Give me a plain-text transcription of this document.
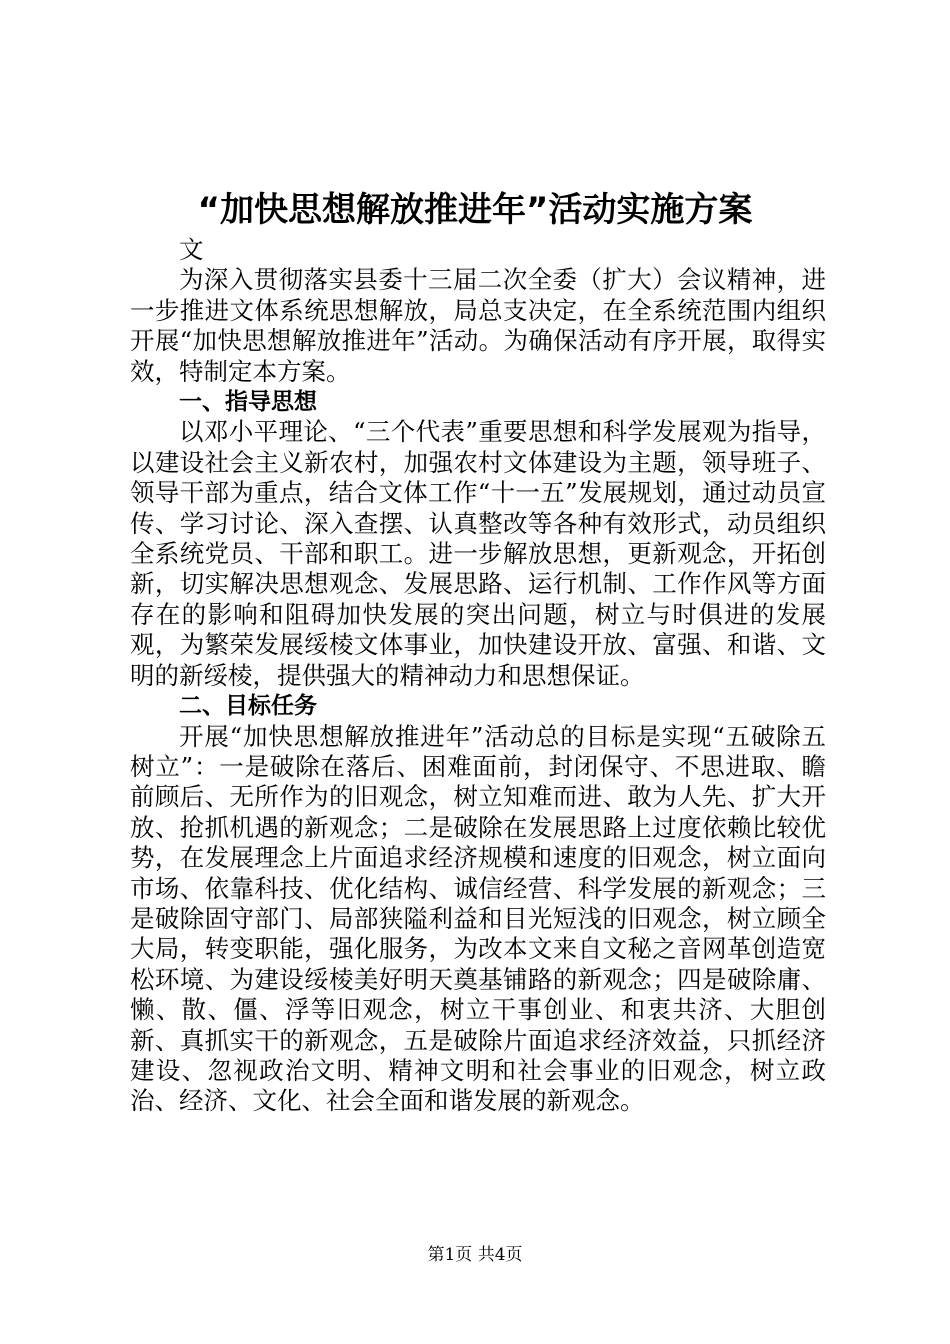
“加快思想解放推进年”活动实施方案

文

为深入贯彻落实县委十三届二次全委（扩大）会议精神，进一步推进文体系统思想解放，局总支决定，在全系统范围内组织开展“加快思想解放推进年”活动。为确保活动有序开展，取得实效，特制定本方案。

一、指导思想

以邓小平理论、“三个代表”重要思想和科学发展观为指导，以建设社会主义新农村，加强农村文体建设为主题，领导班子、领导干部为重点，结合文体工作“十一五”发展规划，通过动员宣传、学习讨论、深入查摆、认真整改等各种有效形式，动员组织全系统党员、干部和职工。进一步解放思想，更新观念，开拓创新，切实解决思想观念、发展思路、运行机制、工作作风等方面存在的影响和阻碍加快发展的突出问题，树立与时俱进的发展观，为繁荣发展绥棱文体事业，加快建设开放、富强、和谐、文明的新绥棱，提供强大的精神动力和思想保证。

二、目标任务

开展“加快思想解放推进年”活动总的目标是实现“五破除五树立”：一是破除在落后、困难面前，封闭保守、不思进取、瞻前顾后、无所作为的旧观念，树立知难而进、敢为人先、扩大开放、抢抓机遇的新观念；二是破除在发展思路上过度依赖比较优势，在发展理念上片面追求经济规模和速度的旧观念，树立面向市场、依靠科技、优化结构、诚信经营、科学发展的新观念；三是破除固守部门、局部狭隘利益和目光短浅的旧观念，树立顾全大局，转变职能，强化服务，为改本文来自文秘之音网革创造宽松环境、为建设绥棱美好明天奠基铺路的新观念；四是破除庸、懒、散、僵、浮等旧观念，树立干事创业、和衷共济、大胆创新、真抓实干的新观念，五是破除片面追求经济效益，只抓经济建设、忽视政治文明、精神文明和社会事业的旧观念，树立政治、经济、文化、社会全面和谐发展的新观念。

第1页 共4页
